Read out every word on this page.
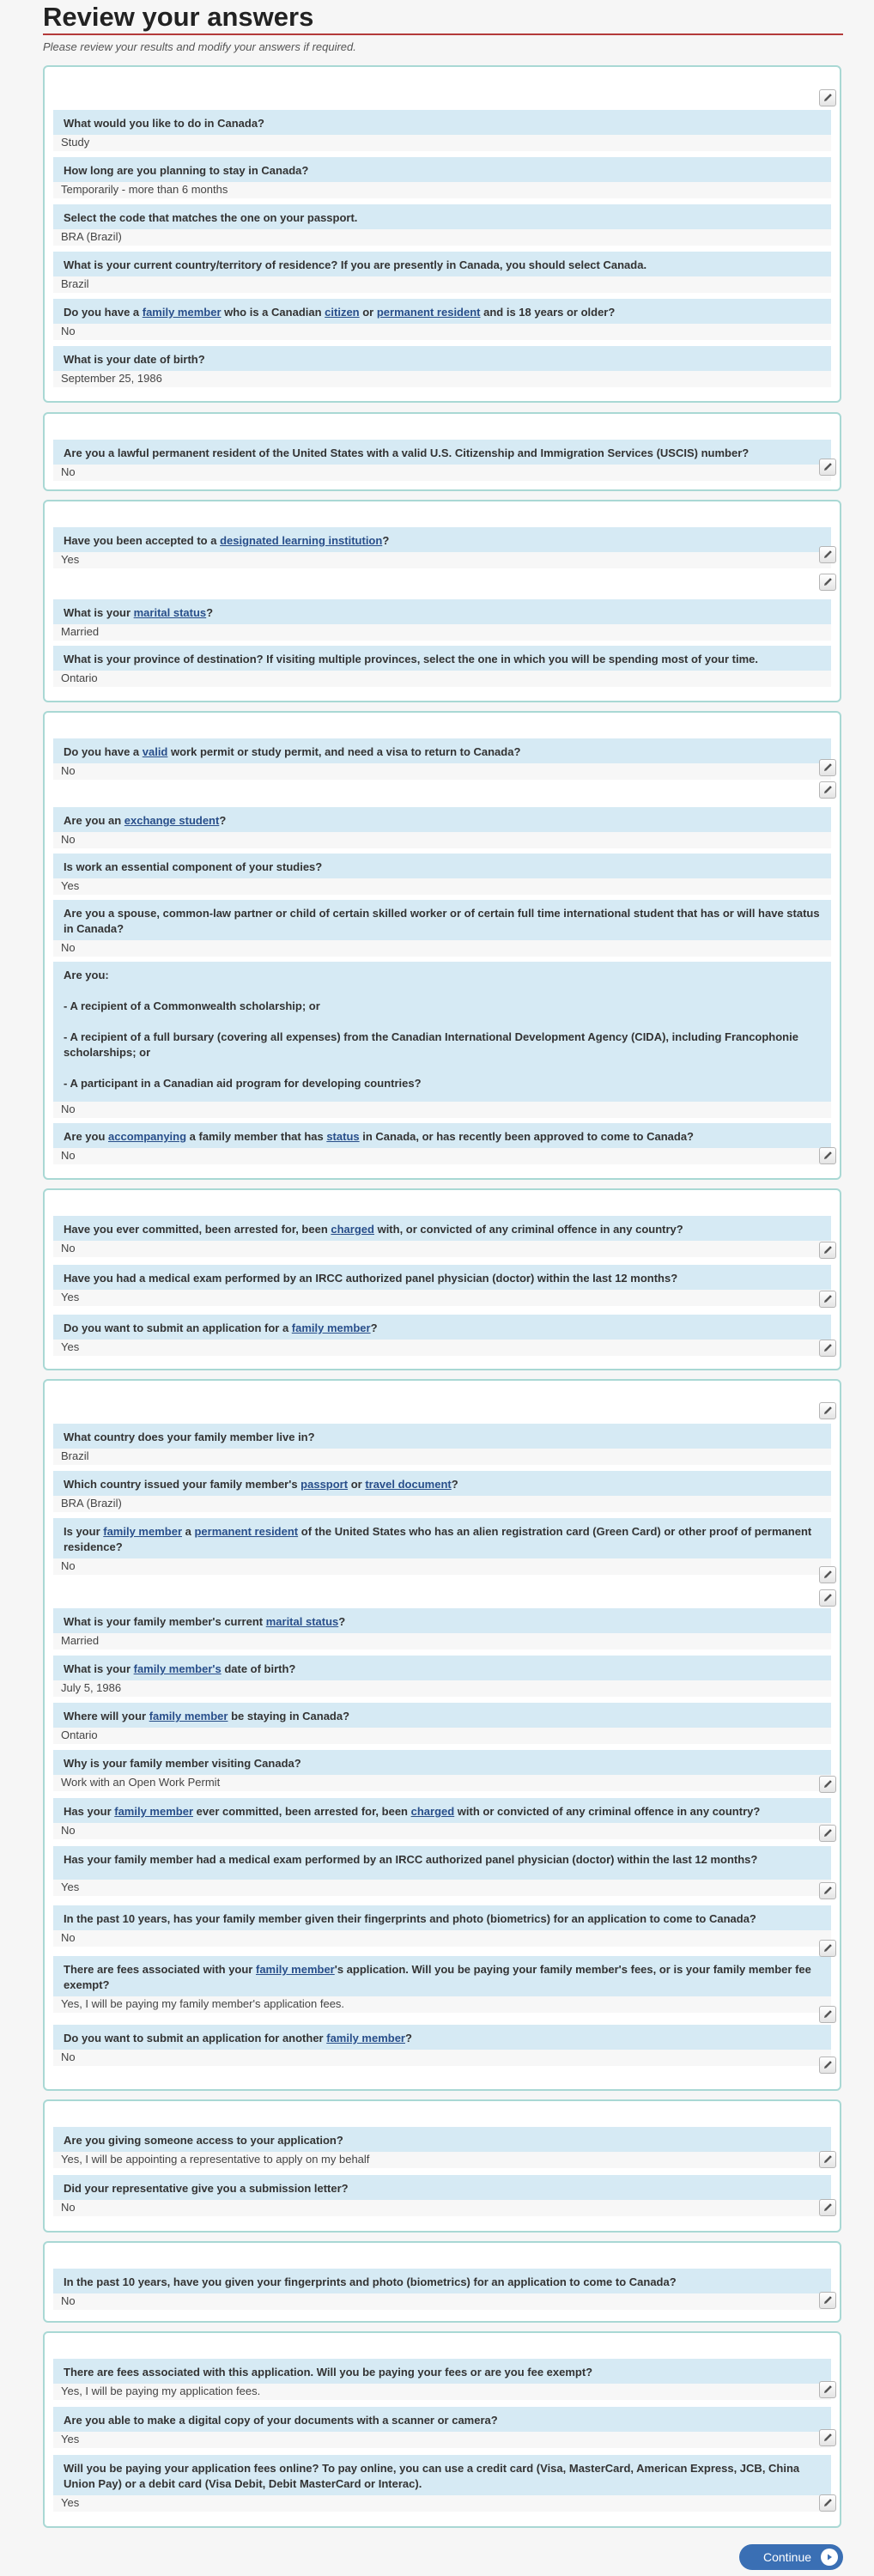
Review your answers
Please review your results and modify your answers if required.
What would you like to do in Canada?
Study
How long are you planning to stay in Canada?
Temporarily - more than 6 months
Select the code that matches the one on your passport.
BRA (Brazil)
What is your current country/territory of residence? If you are presently in Canada, you should select Canada.
Brazil
Do you have a family member who is a Canadian citizen or permanent resident and is 18 years or older?
No
What is your date of birth?
September 25, 1986
Are you a lawful permanent resident of the United States with a valid U.S. Citizenship and Immigration Services (USCIS) number?
No
Have you been accepted to a designated learning institution?
Yes
What is your marital status?
Married
What is your province of destination? If visiting multiple provinces, select the one in which you will be spending most of your time.
Ontario
Do you have a valid work permit or study permit, and need a visa to return to Canada?
No
Are you an exchange student?
No
Is work an essential component of your studies?
Yes
Are you a spouse, common-law partner or child of certain skilled worker or of certain full time international student that has or will have status in Canada?
No

Are you:

- A recipient of a Commonwealth scholarship; or

- A recipient of a full bursary (covering all expenses) from the Canadian International Development Agency (CIDA), including Francophonie scholarships; or

- A participant in a Canadian aid program for developing countries?

No
Are you accompanying a family member that has status in Canada, or has recently been approved to come to Canada?
No
Have you ever committed, been arrested for, been charged with, or convicted of any criminal offence in any country?
No
Have you had a medical exam performed by an IRCC authorized panel physician (doctor) within the last 12 months?
Yes
Do you want to submit an application for a family member?
Yes
What country does your family member live in?
Brazil
Which country issued your family member's passport or travel document?
BRA (Brazil)
Is your family member a permanent resident of the United States who has an alien registration card (Green Card) or other proof of permanent residence?
No
What is your family member's current marital status?
Married
What is your family member's date of birth?
July 5, 1986
Where will your family member be staying in Canada?
Ontario
Why is your family member visiting Canada?
Work with an Open Work Permit
Has your family member ever committed, been arrested for, been charged with or convicted of any criminal offence in any country?
No
Has your family member had a medical exam performed by an IRCC authorized panel physician (doctor) within the last 12 months?
Yes
In the past 10 years, has your family member given their fingerprints and photo (biometrics) for an application to come to Canada?
No
There are fees associated with your family member's application. Will you be paying your family member's fees, or is your family member fee exempt?
Yes, I will be paying my family member's application fees.
Do you want to submit an application for another family member?
No
Are you giving someone access to your application?
Yes, I will be appointing a representative to apply on my behalf
Did your representative give you a submission letter?
No
In the past 10 years, have you given your fingerprints and photo (biometrics) for an application to come to Canada?
No
There are fees associated with this application. Will you be paying your fees or are you fee exempt?
Yes, I will be paying my application fees.
Are you able to make a digital copy of your documents with a scanner or camera?
Yes
Will you be paying your application fees online? To pay online, you can use a credit card (Visa, MasterCard, American Express, JCB, China Union Pay) or a debit card (Visa Debit, Debit MasterCard or Interac).
Yes
Continue
